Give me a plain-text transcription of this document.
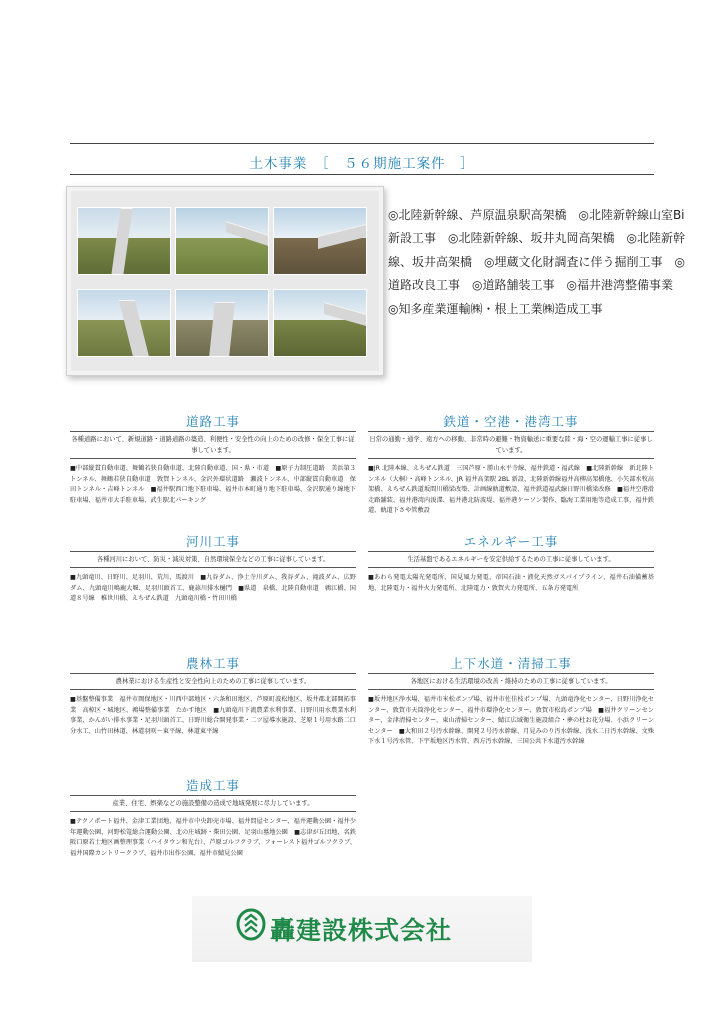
土木事業　［　５６期施工案件　］
◎北陸新幹線、芦原温泉駅高架橋　◎北陸新幹線山室Bi 新設工事　◎北陸新幹線、坂井丸岡高架橋　◎北陸新幹線、坂井高架橋　◎埋蔵文化財調査に伴う掘削工事　◎道路改良工事　◎道路舗装工事　◎福井港湾整備事業　◎知多産業運輸㈱・根上工業㈱造成工事
道路工事
各種道路において、新規道路・道路道路の築造、利便性・安全性の向上のための改修・保全工事に従事しています。
■中部縦貫自動車道、舞鶴若狭自動車道、北陸自動車道、国・県・市道　■原子力制圧道路　美浜第３トンネル、舞鶴若狭自動車道　敦賀トンネル、金沢外環状道路　瀬波トンネル、中部縦貫自動車道　保田トンネル・吉峰トンネル　■福井駅西口地下駐車場、福井市本町通り地下駐車場、金沢駅通り線地下駐車場、福井市大手駐車場、武生駅北パーキング
河川工事
各種河川において、防災・減災対策、自然環境保全などの工事に従事しています。
■九頭竜川、日野川、足羽川、荒川、馬渡川　■九谷ダム、浄土寺川ダム、我谷ダム、滝波ダム、広野ダム、九頭竜川鳴鹿大堰、足羽川頭首工、鹿蒜川排水樋門　■県道　泉橋、北陸自動車道　鶉江橋、国道８号線　稚世川橋、えちぜん鉄道　九頭竜川橋・竹田川橋
農林工事
農林業における生産性と安全性向上のための工事に従事しています。
■基盤整備事業　福井市岡保地区・川西中部地区・六条和田地区、芦原町波松地区、坂井郡北部開拓事業　高椋区・城地区、鶉場整備事業　たかす地区　■九頭竜川下流農業水利事業、日野川用水農業水利事業、かんがい排水事業・足羽川頭首工、日野川総合開発事業・二ツ屋導水施設、芝原１号用水路二口分水工、山竹田林道、林道羽咲～東平線、林道東平線
造成工事
産業、住宅、娯楽などの施設整備の造成で地域発展に尽力しています。
■テクノポート福井、金津工業団地、福井市中央卸売市場、福井問屋センター、福井運動公園・福井少年運動公園、河野松篭総合運動公園、北の庄城跡・柴田公園、足羽山墓地公園　■志津が丘団地、名鉄阪口原若士地区画整理事業（ハイタウン和光台）、芦原ゴルフクラブ、フォーレスト福井ゴルフクラブ、福井国際カントリークラブ、福井市出作公園、福井市鯖見公園
鉄道・空港・港湾工事
日常の通勤・通学、遠方への移動、非常時の避難・物資輸送に重要な陸・海・空の運輸工事に従事しています。
■JR 北陸本線、えちぜん鉄道　三国芦原・勝山永平寺線、福井鉄道・福武線　■北陸新幹線　新北陸トンネル（大桐）・高峰トンネル、JR 福井高架駅 2BL 新設、北陸新幹線福井高柳高架橋他、小矢部水牧高架橋、えちぜん鉄道坂間川橋梁改築、計画線軌道敷設、福井鉄道福武線日野川橋梁改修　■福井空港滑走路舗装、福井港湾内浚渫、福井港北防波堤、福井港ケーソン製作、臨海工業用地等造成工事、福井鉄道、軌道下さや管敷設
エネルギー工事
生活基盤であるエネルギーを安定供給するための工事に従事しています。
■あわら発電太陽光発電所、国見風力発電、帝国石油・液化天然ガスパイプライン、福井石油備蓄基地、北陸電力・福井火力発電所、北陸電力・敦賀火力発電所、五条方発電所
上下水道・清掃工事
各地区における生活環境の改善・維持のための工事に従事しています。
■坂井地区浄水場、福井市米松ポンプ場、福井市佐佳枝ポンプ場、九頭竜浄化センター、日野川浄化センター、敦賀市天筒浄化センター、福井市環浄化センター、敦賀市松島ポンプ場　■福井クリーンセンター、金津清掃センター、東山清掃センター、鯖江広域衛生施設組合・夢の杜お花分場、小浜クリーンセンター　■大和田２号汚水幹線、開発２号汚水幹線、月見みのり汚水幹線、浅水二日汚水幹線、文殊下水１号汚水管、下宇坂地区汚水管、西方汚水幹線、三国公共下水道汚水幹線
轟建設株式会社
